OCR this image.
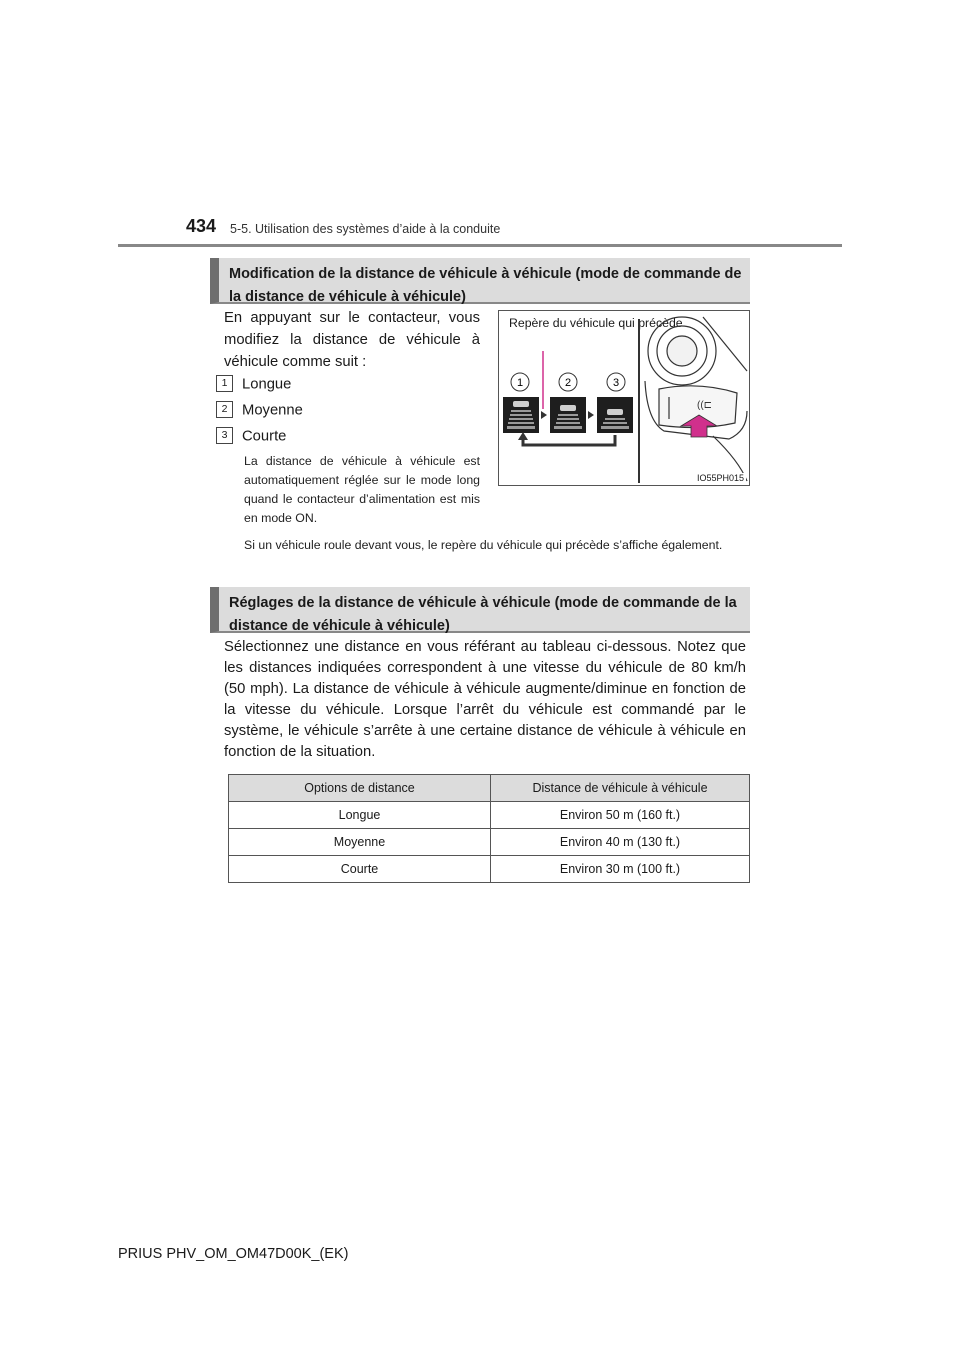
434 5-5. Utilisation des systèmes d’aide à la conduite
Modification de la distance de véhicule à véhicule (mode de commande de la distance de véhicule à véhicule)
En appuyant sur le contacteur, vous modifiez la distance de véhicule à véhicule comme suit :
1 Longue
2 Moyenne
3 Courte
La distance de véhicule à véhicule est automatiquement réglée sur le mode long quand le contacteur d’alimentation est mis en mode ON.
Si un véhicule roule devant vous, le repère du véhicule qui précède s’affiche également.
Repère du véhicule qui précède
1	2	3
((⊏
IO55PH015
Réglages de la distance de véhicule à véhicule (mode de commande de la distance de véhicule à véhicule)
Sélectionnez une distance en vous référant au tableau ci-dessous. Notez que les distances indiquées correspondent à une vitesse du véhicule de 80 km/h (50 mph). La distance de véhicule à véhicule augmente/diminue en fonction de la vitesse du véhicule. Lorsque l’arrêt du véhicule est commandé par le système, le véhicule s’arrête à une certaine distance de véhicule à véhicule en fonction de la situation.
Options de distance	Distance de véhicule à véhicule
Longue	Environ 50 m (160 ft.)
Moyenne	Environ 40 m (130 ft.)
Courte	Environ 30 m (100 ft.)
PRIUS PHV_OM_OM47D00K_(EK)
